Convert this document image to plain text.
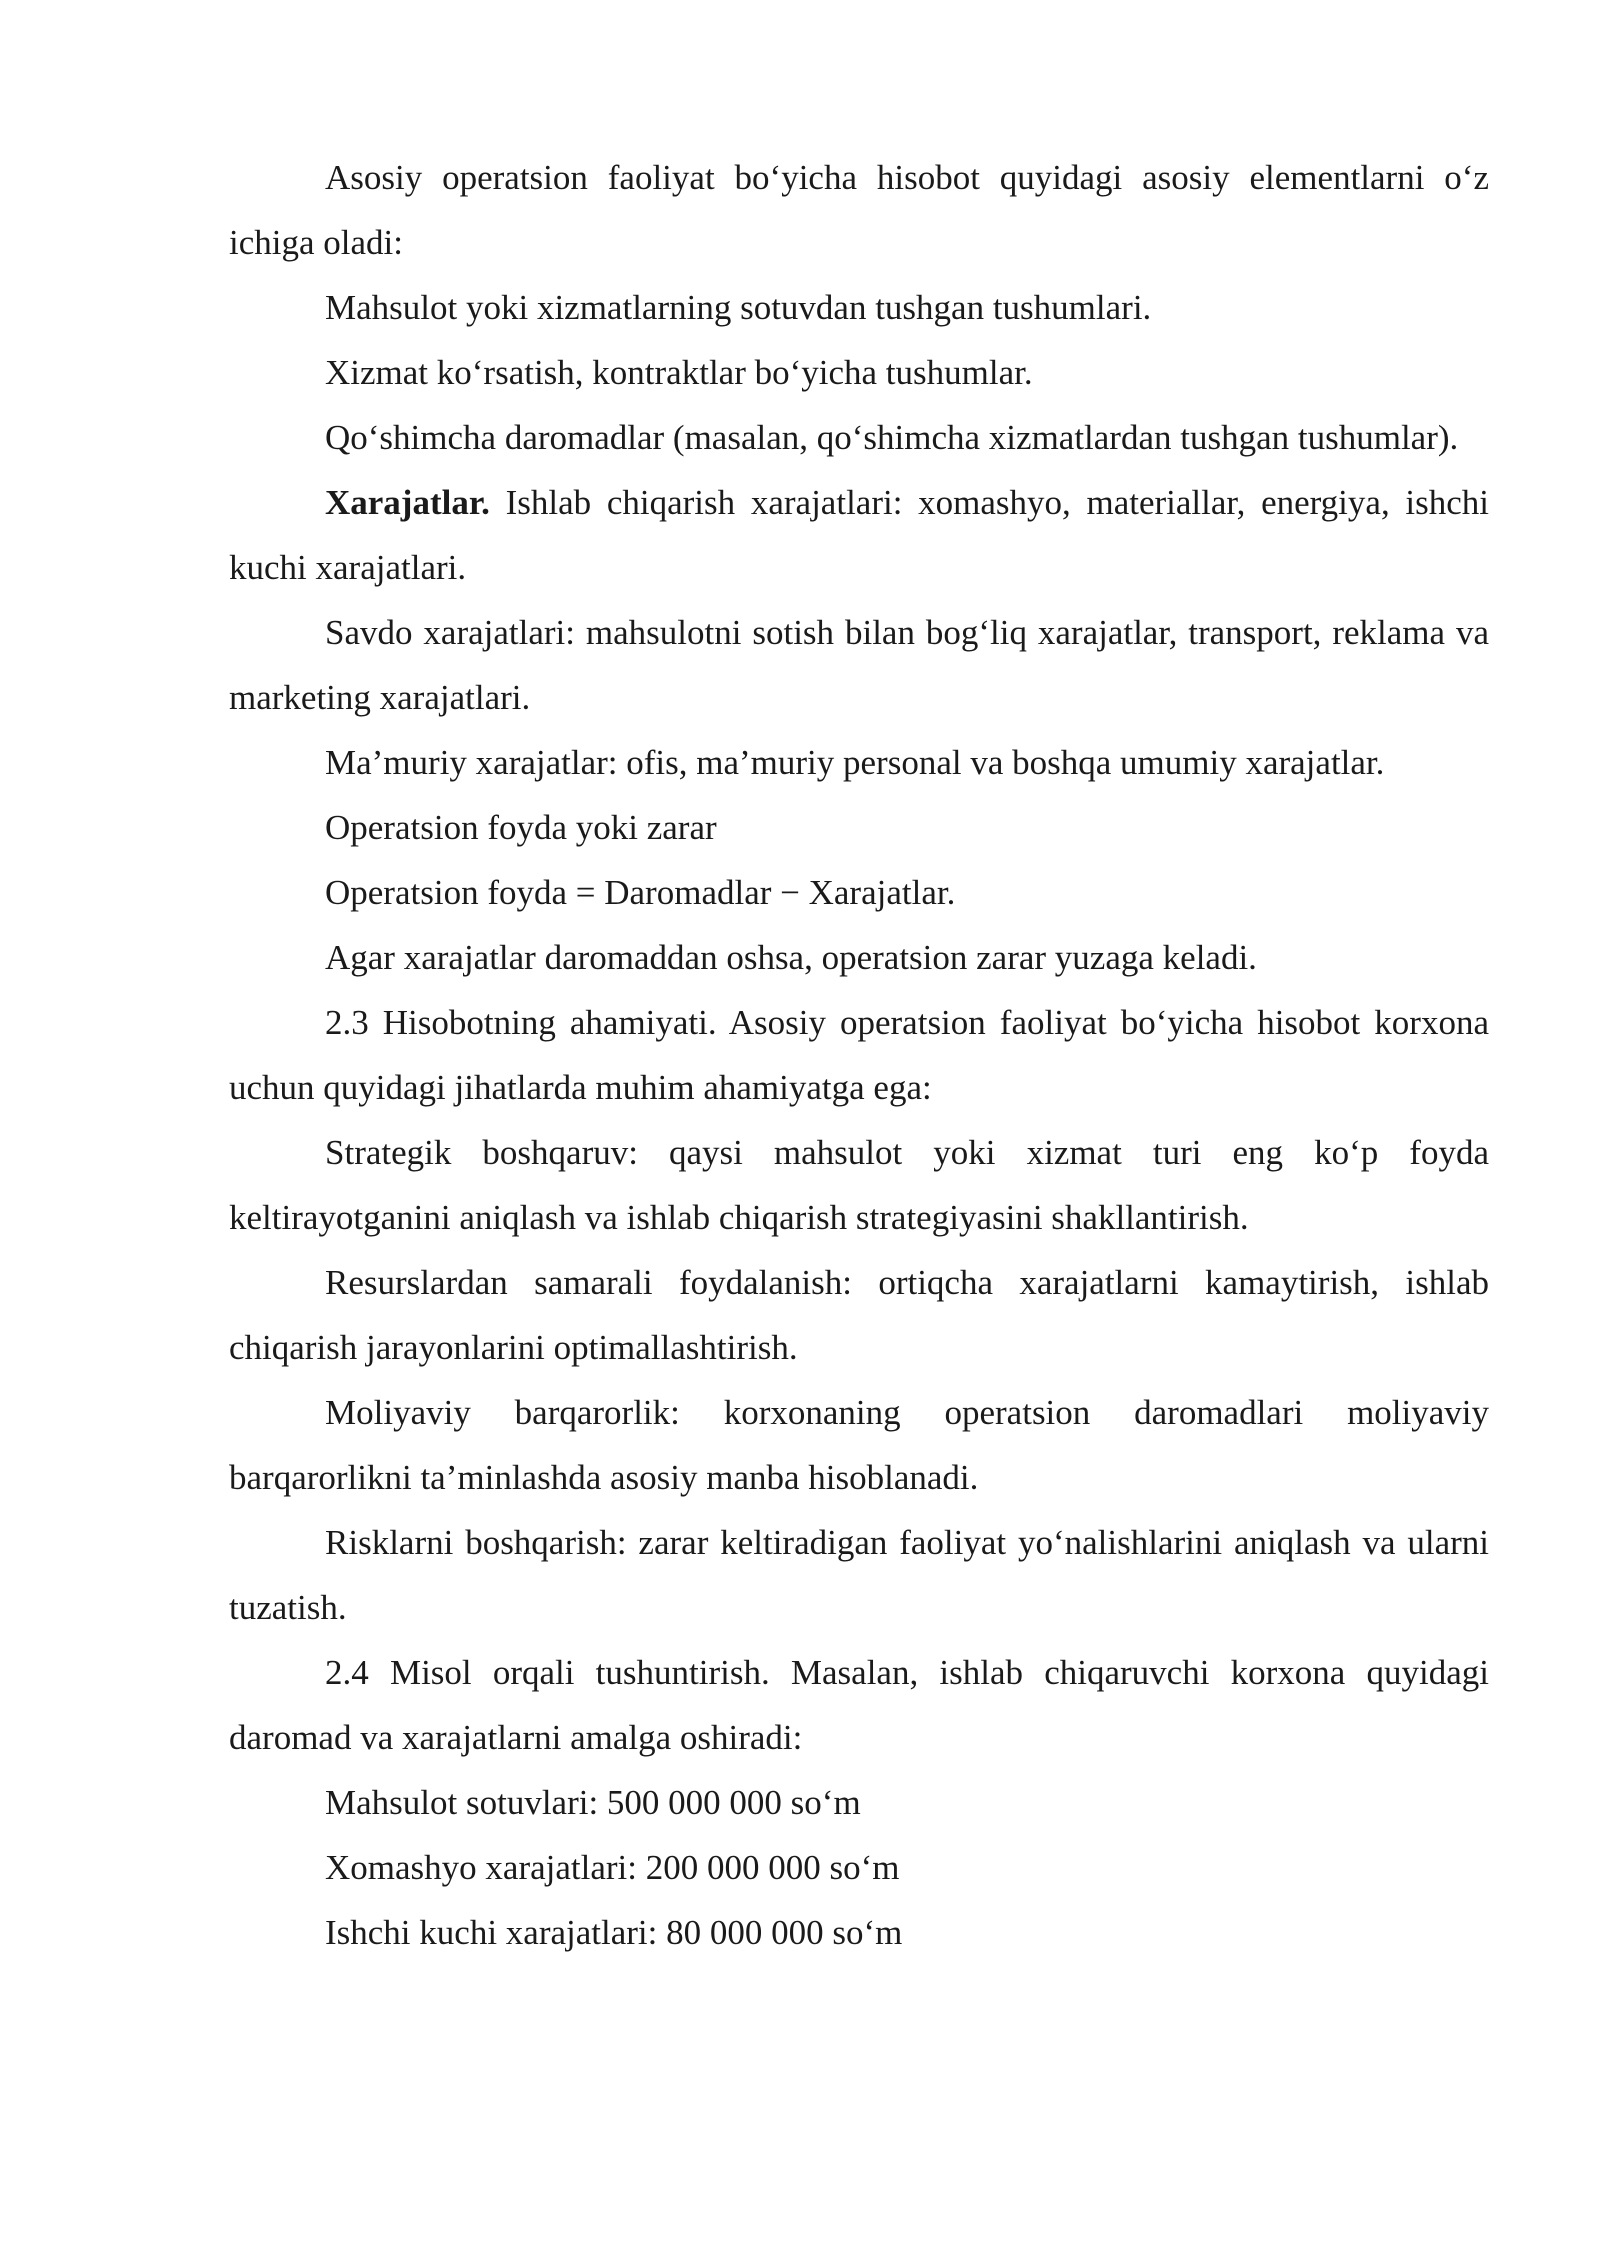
Asosiy operatsion faoliyat bo‘yicha hisobot quyidagi asosiy elementlarni o‘z ichiga oladi:

Mahsulot yoki xizmatlarning sotuvdan tushgan tushumlari.

Xizmat ko‘rsatish, kontraktlar bo‘yicha tushumlar.

Qo‘shimcha daromadlar (masalan, qo‘shimcha xizmatlardan tushgan tushumlar).

Xarajatlar. Ishlab chiqarish xarajatlari: xomashyo, materiallar, energiya, ishchi kuchi xarajatlari.

Savdo xarajatlari: mahsulotni sotish bilan bog‘liq xarajatlar, transport, reklama va marketing xarajatlari.

Ma’muriy xarajatlar: ofis, ma’muriy personal va boshqa umumiy xarajatlar.

Operatsion foyda yoki zarar

Operatsion foyda = Daromadlar − Xarajatlar.

Agar xarajatlar daromaddan oshsa, operatsion zarar yuzaga keladi.

2.3 Hisobotning ahamiyati. Asosiy operatsion faoliyat bo‘yicha hisobot korxona uchun quyidagi jihatlarda muhim ahamiyatga ega:

Strategik boshqaruv: qaysi mahsulot yoki xizmat turi eng ko‘p foyda keltirayotganini aniqlash va ishlab chiqarish strategiyasini shakllantirish.

Resurslardan samarali foydalanish: ortiqcha xarajatlarni kamaytirish, ishlab chiqarish jarayonlarini optimallashtirish.

Moliyaviy barqarorlik: korxonaning operatsion daromadlari moliyaviy barqarorlikni ta’minlashda asosiy manba hisoblanadi.

Risklarni boshqarish: zarar keltiradigan faoliyat yo‘nalishlarini aniqlash va ularni tuzatish.

2.4 Misol orqali tushuntirish. Masalan, ishlab chiqaruvchi korxona quyidagi daromad va xarajatlarni amalga oshiradi:

Mahsulot sotuvlari: 500 000 000 so‘m

Xomashyo xarajatlari: 200 000 000 so‘m

Ishchi kuchi xarajatlari: 80 000 000 so‘m
